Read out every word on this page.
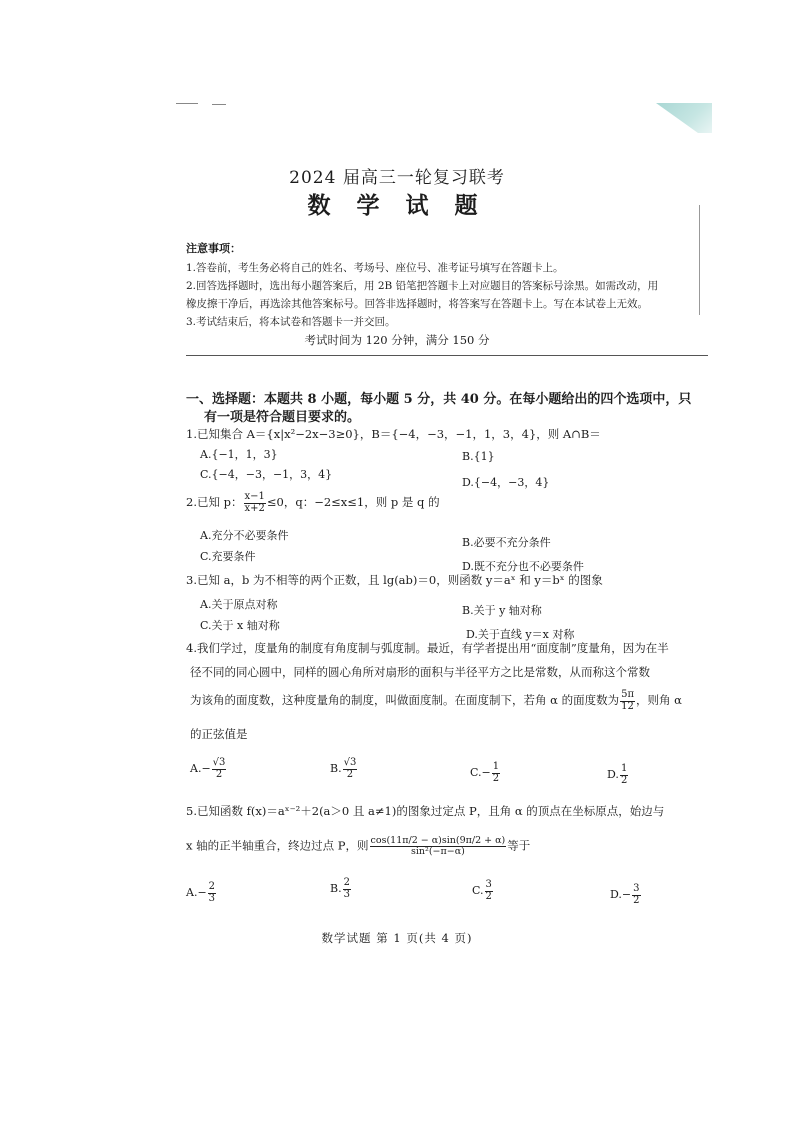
2024 届高三一轮复习联考
数 学 试 题
注意事项：
1.答卷前，考生务必将自己的姓名、考场号、座位号、准考证号填写在答题卡上。
2.回答选择题时，选出每小题答案后，用 2B 铅笔把答题卡上对应题目的答案标号涂黑。如需改动，用
橡皮擦干净后，再选涂其他答案标号。回答非选择题时，将答案写在答题卡上。写在本试卷上无效。
3.考试结束后，将本试卷和答题卡一并交回。
考试时间为 120 分钟，满分 150 分
一、选择题：本题共 8 小题，每小题 5 分，共 40 分。在每小题给出的四个选项中，只
有一项是符合题目要求的。
1.已知集合 A＝{x|x²−2x−3≥0}，B＝{−4，−3，−1，1，3，4}，则 A∩B＝
A.{−1，1，3}	B.{1}
C.{−4，−3，−1，3，4}
D.{−4，−3，4}
2.已知 p： $\frac{x-1}{x+2} \le 0$，q：−2≤x≤1，则 p 是 q 的
A.充分不必要条件
B.必要不充分条件
C.充要条件
D.既不充分也不必要条件
3.已知 a，b 为不相等的两个正数，且 lg(ab)＝0，则函数 y＝aˣ 和 y＝bˣ 的图象
A.关于原点对称	B.关于 y 轴对称
C.关于 x 轴对称
D.关于直线 y＝x 对称
4.我们学过，度量角的制度有角度制与弧度制。最近，有学者提出用“面度制”度量角，因为在半
径不同的同心圆中，同样的圆心角所对扇形的面积与半径平方之比是常数，从而称这个常数
为该角的面度数，这种度量角的制度，叫做面度制。在面度制下，若角 α 的面度数为 $\frac{5\pi}{12}$ ，则角 α
的正弦值是
$A.- \frac{√3}{2}$	B. $\frac{√3}{2}$	$C.- \frac{1}{2}$	D. $\frac{1}{2}$
5.已知函数 f(x)＝aˣ⁻²＋2(a＞0 且 a≠1)的图象过定点 P，且角 α 的顶点在坐标原点，始边与
x 轴的正半轴重合，终边过点 P，则 $\frac{\cos(11\pi/2 - \alpha)\sin(9\pi/2 + \alpha)}{\text{sin²(−π−α)}}$ 等于
$A.- \frac{2}{3}$	B. $\frac{2}{3}$	C. $\frac{3}{2}$	$D.- \frac{3}{2}$
数学试题 第 1 页(共 4 页)
